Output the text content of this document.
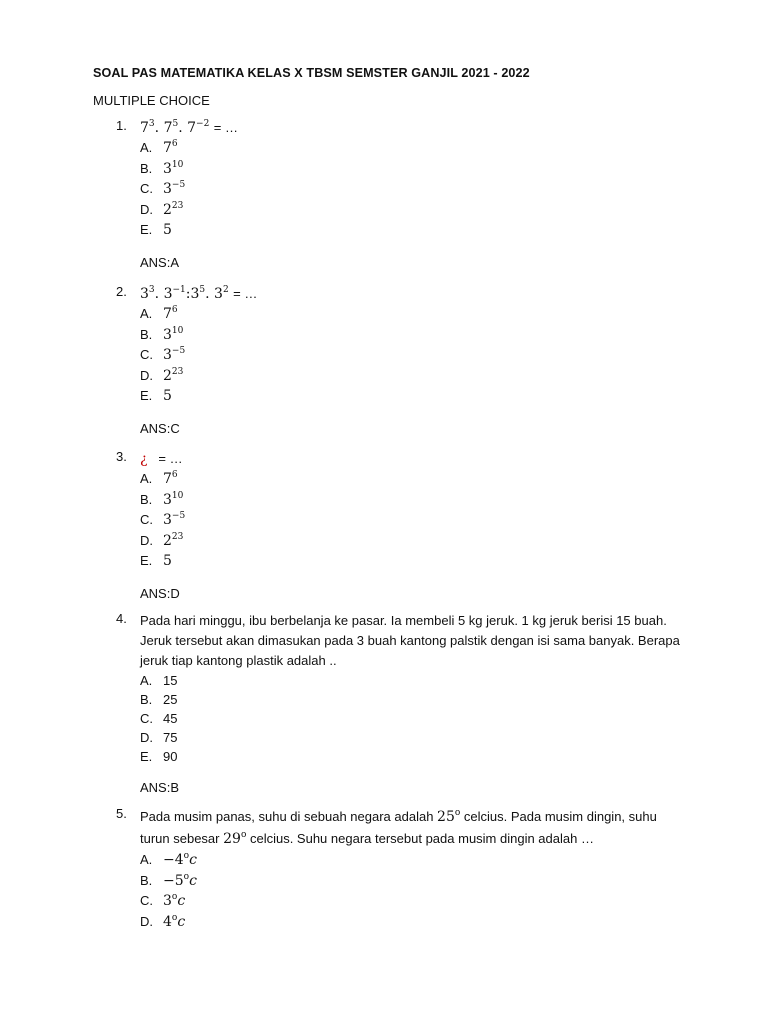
SOAL PAS MATEMATIKA KELAS X TBSM SEMSTER GANJIL 2021 - 2022
MULTIPLE CHOICE
1. $7^3$. $7^5$. $7^{-2}$ = …
A. $7^6$
B. $3^{10}$
C. $3^{-5}$
D. $2^{23}$
E. 5
ANS:A
2. $3^3$. $3^{-1}:3^5$. $3^2$ = …
A. $7^6$
B. $3^{10}$
C. $3^{-5}$
D. $2^{23}$
E. 5
ANS:C
3. ¿ = …
A. $7^6$
B. $3^{10}$
C. $3^{-5}$
D. $2^{23}$
E. 5
ANS:D
4. Pada hari minggu, ibu berbelanja ke pasar. Ia membeli 5 kg jeruk. 1 kg jeruk berisi 15 buah.
Jeruk tersebut akan dimasukan pada 3 buah kantong palstik dengan isi sama banyak. Berapa
jeruk tiap kantong plastik adalah ..
A. 15
B. 25
C. 45
D. 75
E. 90
ANS:B
5. Pada musim panas, suhu di sebuah negara adalah 25$^o$ celcius. Pada musim dingin, suhu
turun sebesar 29$^o$ celcius. Suhu negara tersebut pada musim dingin adalah …
A. $-4^oc$
B. $-5^oc$
C. 3$^o$c
D. 4$^o$c
